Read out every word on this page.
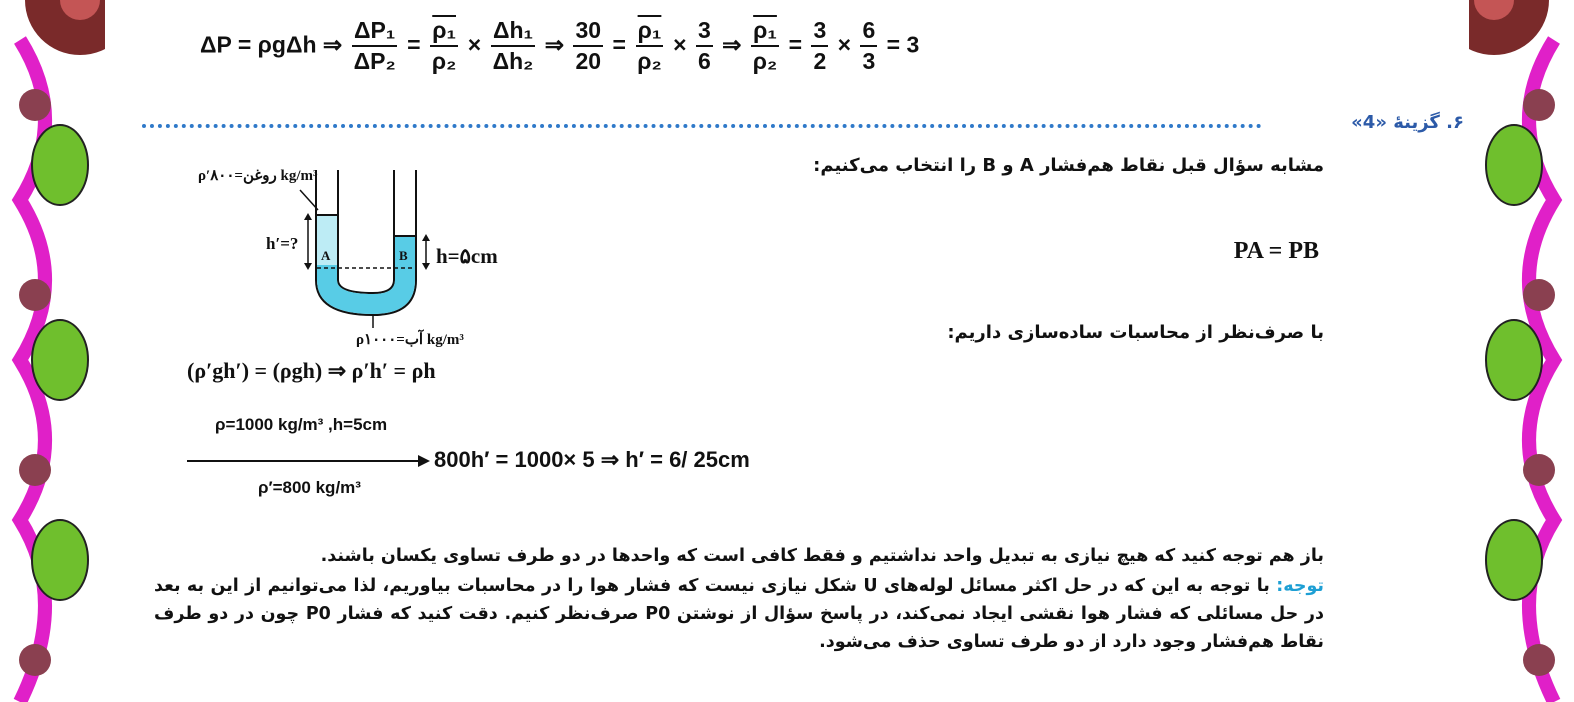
ΔP = ρgΔh ⇒ $\frac{\text{ΔP₁}}{\text{ΔP₂}} = \frac{\text{ρ₁}}{\text{ρ₂}} \times \frac{\text{Δh₁}}{\text{Δh₂}}$ ⇒ $\frac{30}{20} = \frac{\text{ρ₁}}{\text{ρ₂}} \times \frac{3}{6}$ ⇒ $\frac{\text{ρ₁}}{\text{ρ₂}} = \frac{3}{2} \times \frac{6}{3} = 3$
۶. گزینهٔ «4»
مشابه سؤال قبل نقاط هم‌فشار A و B را انتخاب می‌کنیم:
PA = PB
با صرف‌نظر از محاسبات ساده‌سازی داریم:
ρ′روغن=۸۰۰ kg/m³
h′=?
A	B h=۵cm
ρآب=۱۰۰۰ kg/m³
(ρ′gh′) = (ρgh) ⇒ ρ′h′ = ρh
ρ=1000 kg/m³ ,h=5cm
800h′ = 1000× 5 ⇒ h′ = 6/ 25cm
ρ′=800 kg/m³
باز هم توجه کنید که هیچ نیازی به تبدیل واحد نداشتیم و فقط کافی است که واحدها در دو طرف تساوی یکسان باشند.
توجه: با توجه به این که در حل اکثر مسائل لوله‌های U شکل نیازی نیست که فشار هوا را در محاسبات بیاوریم، لذا می‌توانیم از این به بعد در حل مسائلی که فشار هوا نقشی ایجاد نمی‌کند، در پاسخ سؤال از نوشتن P0 صرف‌نظر کنیم. دقت کنید که فشار P0 چون در دو طرف نقاط هم‌فشار وجود دارد از دو طرف تساوی حذف می‌شود.
